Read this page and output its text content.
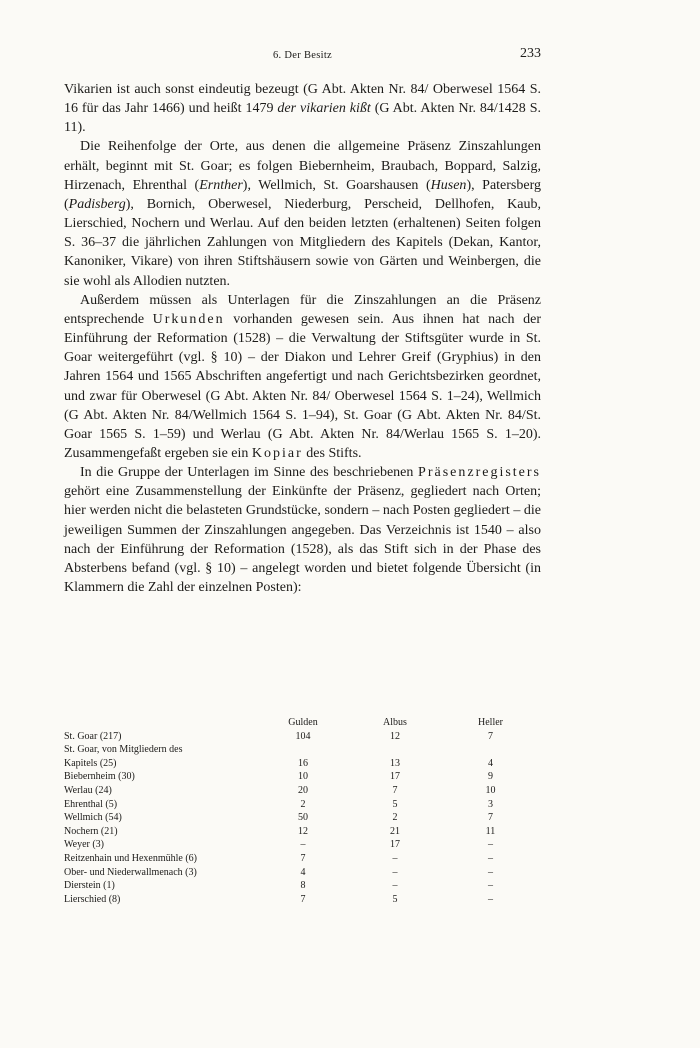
6. Der Besitz	233

Vikarien ist auch sonst eindeutig bezeugt (G Abt. Akten Nr. 84/ Oberwesel 1564 S. 16 für das Jahr 1466) und heißt 1479 der vikarien kißt (G Abt. Akten Nr. 84/1428 S. 11).

Die Reihenfolge der Orte, aus denen die allgemeine Präsenz Zinszahlungen erhält, beginnt mit St. Goar; es folgen Biebernheim, Braubach, Boppard, Salzig, Hirzenach, Ehrenthal (Ernther), Wellmich, St. Goarshausen (Husen), Patersberg (Padisberg), Bornich, Oberwesel, Niederburg, Perscheid, Dellhofen, Kaub, Lierschied, Nochern und Werlau. Auf den beiden letzten (erhaltenen) Seiten folgen S. 36–37 die jährlichen Zahlungen von Mitgliedern des Kapitels (Dekan, Kantor, Kanoniker, Vikare) von ihren Stiftshäusern sowie von Gärten und Weinbergen, die sie wohl als Allodien nutzten.

Außerdem müssen als Unterlagen für die Zinszahlungen an die Präsenz entsprechende Urkunden vorhanden gewesen sein. Aus ihnen hat nach der Einführung der Reformation (1528) – die Verwaltung der Stiftsgüter wurde in St. Goar weitergeführt (vgl. § 10) – der Diakon und Lehrer Greif (Gryphius) in den Jahren 1564 und 1565 Abschriften angefertigt und nach Gerichtsbezirken geordnet, und zwar für Oberwesel (G Abt. Akten Nr. 84/ Oberwesel 1564 S. 1–24), Wellmich (G Abt. Akten Nr. 84/Wellmich 1564 S. 1–94), St. Goar (G Abt. Akten Nr. 84/St. Goar 1565 S. 1–59) und Werlau (G Abt. Akten Nr. 84/Werlau 1565 S. 1–20). Zusammengefaßt ergeben sie ein Kopiar des Stifts.

In die Gruppe der Unterlagen im Sinne des beschriebenen Präsenzregisters gehört eine Zusammenstellung der Einkünfte der Präsenz, gegliedert nach Orten; hier werden nicht die belasteten Grundstücke, sondern – nach Posten gegliedert – die jeweiligen Summen der Zinszahlungen angegeben. Das Verzeichnis ist 1540 – also nach der Einführung der Reformation (1528), als das Stift sich in der Phase des Absterbens befand (vgl. § 10) – angelegt worden und bietet folgende Übersicht (in Klammern die Zahl der einzelnen Posten):

	Gulden	Albus	Heller
St. Goar (217)	104	12	7
St. Goar, von Mitgliedern des			
Kapitels (25)	16	13	4
Biebernheim (30)	10	17	9
Werlau (24)	20	7	10
Ehrenthal (5)	2	5	3
Wellmich (54)	50	2	7
Nochern (21)	12	21	11
Weyer (3)	–	17	–
Reitzenhain und Hexenmühle (6)	7	–	–
Ober- und Niederwallmenach (3)	4	–	–
Dierstein (1)	8	–	–
Lierschied (8)	7	5	–
